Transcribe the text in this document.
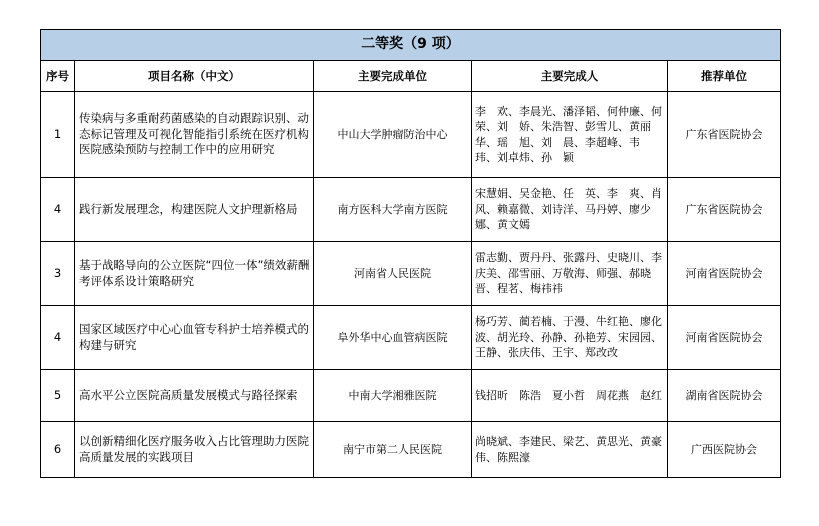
二等奖（9 项）				
序号	项目名称（中文）	主要完成单位	主要完成人	推荐单位
1	传染病与多重耐药菌感染的自动跟踪识别、动态标记管理及可视化智能指引系统在医疗机构医院感染预防与控制工作中的应用研究	中山大学肿瘤防治中心	李　欢、李晨光、潘泽韬、何仲廉、何　荣、刘　娇、朱浩智、彭雪儿、黄丽华、瑶　旭、刘　晨、李超峰、韦　玮、刘卓炜、孙　颖	广东省医院协会
4	践行新发展理念，构建医院人文护理新格局	南方医科大学南方医院	宋慧娟、吴金艳、任　英、李　爽、肖　风、赖嘉微、刘诗洋、马丹婷、廖少娜、黄文嫣	广东省医院协会
3	基于战略导向的公立医院“四位一体”绩效薪酬考评体系设计策略研究	河南省人民医院	雷志勤、贾丹丹、张露丹、史晓川、李庆美、邵雪丽、万敬海、师强、郝晓晋、程茗、梅祎祎	河南省医院协会
4	国家区域医疗中心心血管专科护士培养模式的构建与研究	阜外华中心血管病医院	杨巧芳、蔺若楠、于漫、牛红艳、廖化波、胡光玲、孙静、孙艳芳、宋园园、王静、张庆伟、王宇、郑改改	河南省医院协会
5	高水平公立医院高质量发展模式与路径探索	中南大学湘雅医院	钱招昕　陈浩　夏小哲　周花燕　赵红	湖南省医院协会
6	以创新精细化医疗服务收入占比管理助力医院高质量发展的实践项目	南宁市第二人民医院	尚晓斌、李建民、梁艺、黄思光、黄豪伟、陈熙濠	广西医院协会
